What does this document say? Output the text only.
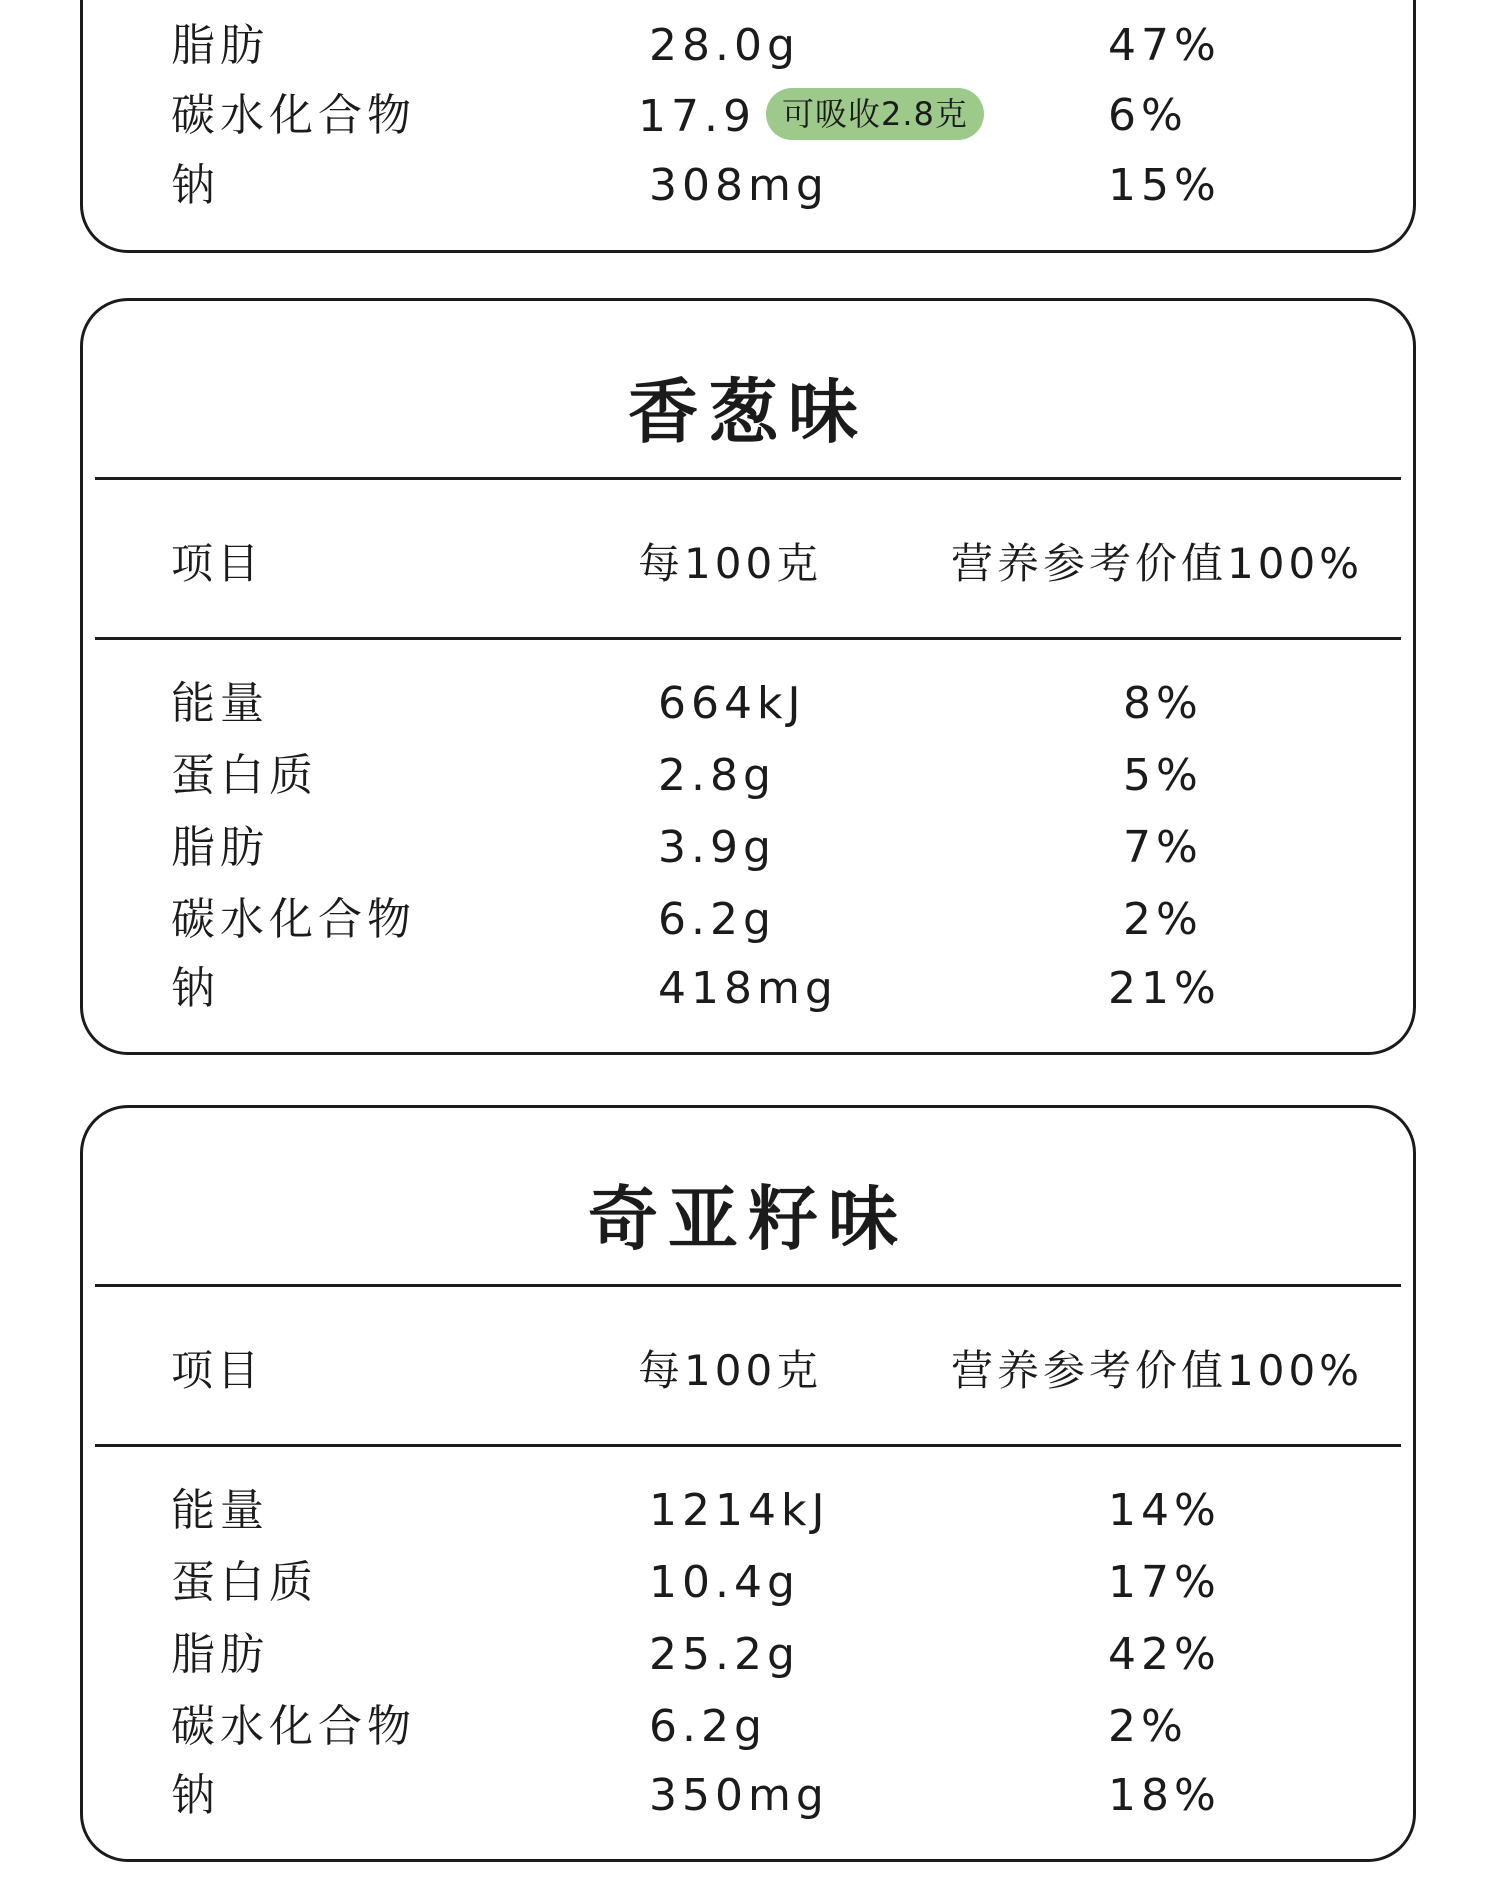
脂肪	28.0g	47%
碳水化合物	17.9 可吸收2.8克	6%
钠	308mg	15%
香葱味
项目	每100克	营养参考价值100%
能量	664kJ	8%
蛋白质	2.8g	5%
脂肪	3.9g	7%
碳水化合物	6.2g	2%
钠	418mg	21%
奇亚籽味
项目	每100克	营养参考价值100%
能量	1214kJ	14%
蛋白质	10.4g	17%
脂肪	25.2g	42%
碳水化合物	6.2g	2%
钠	350mg	18%
